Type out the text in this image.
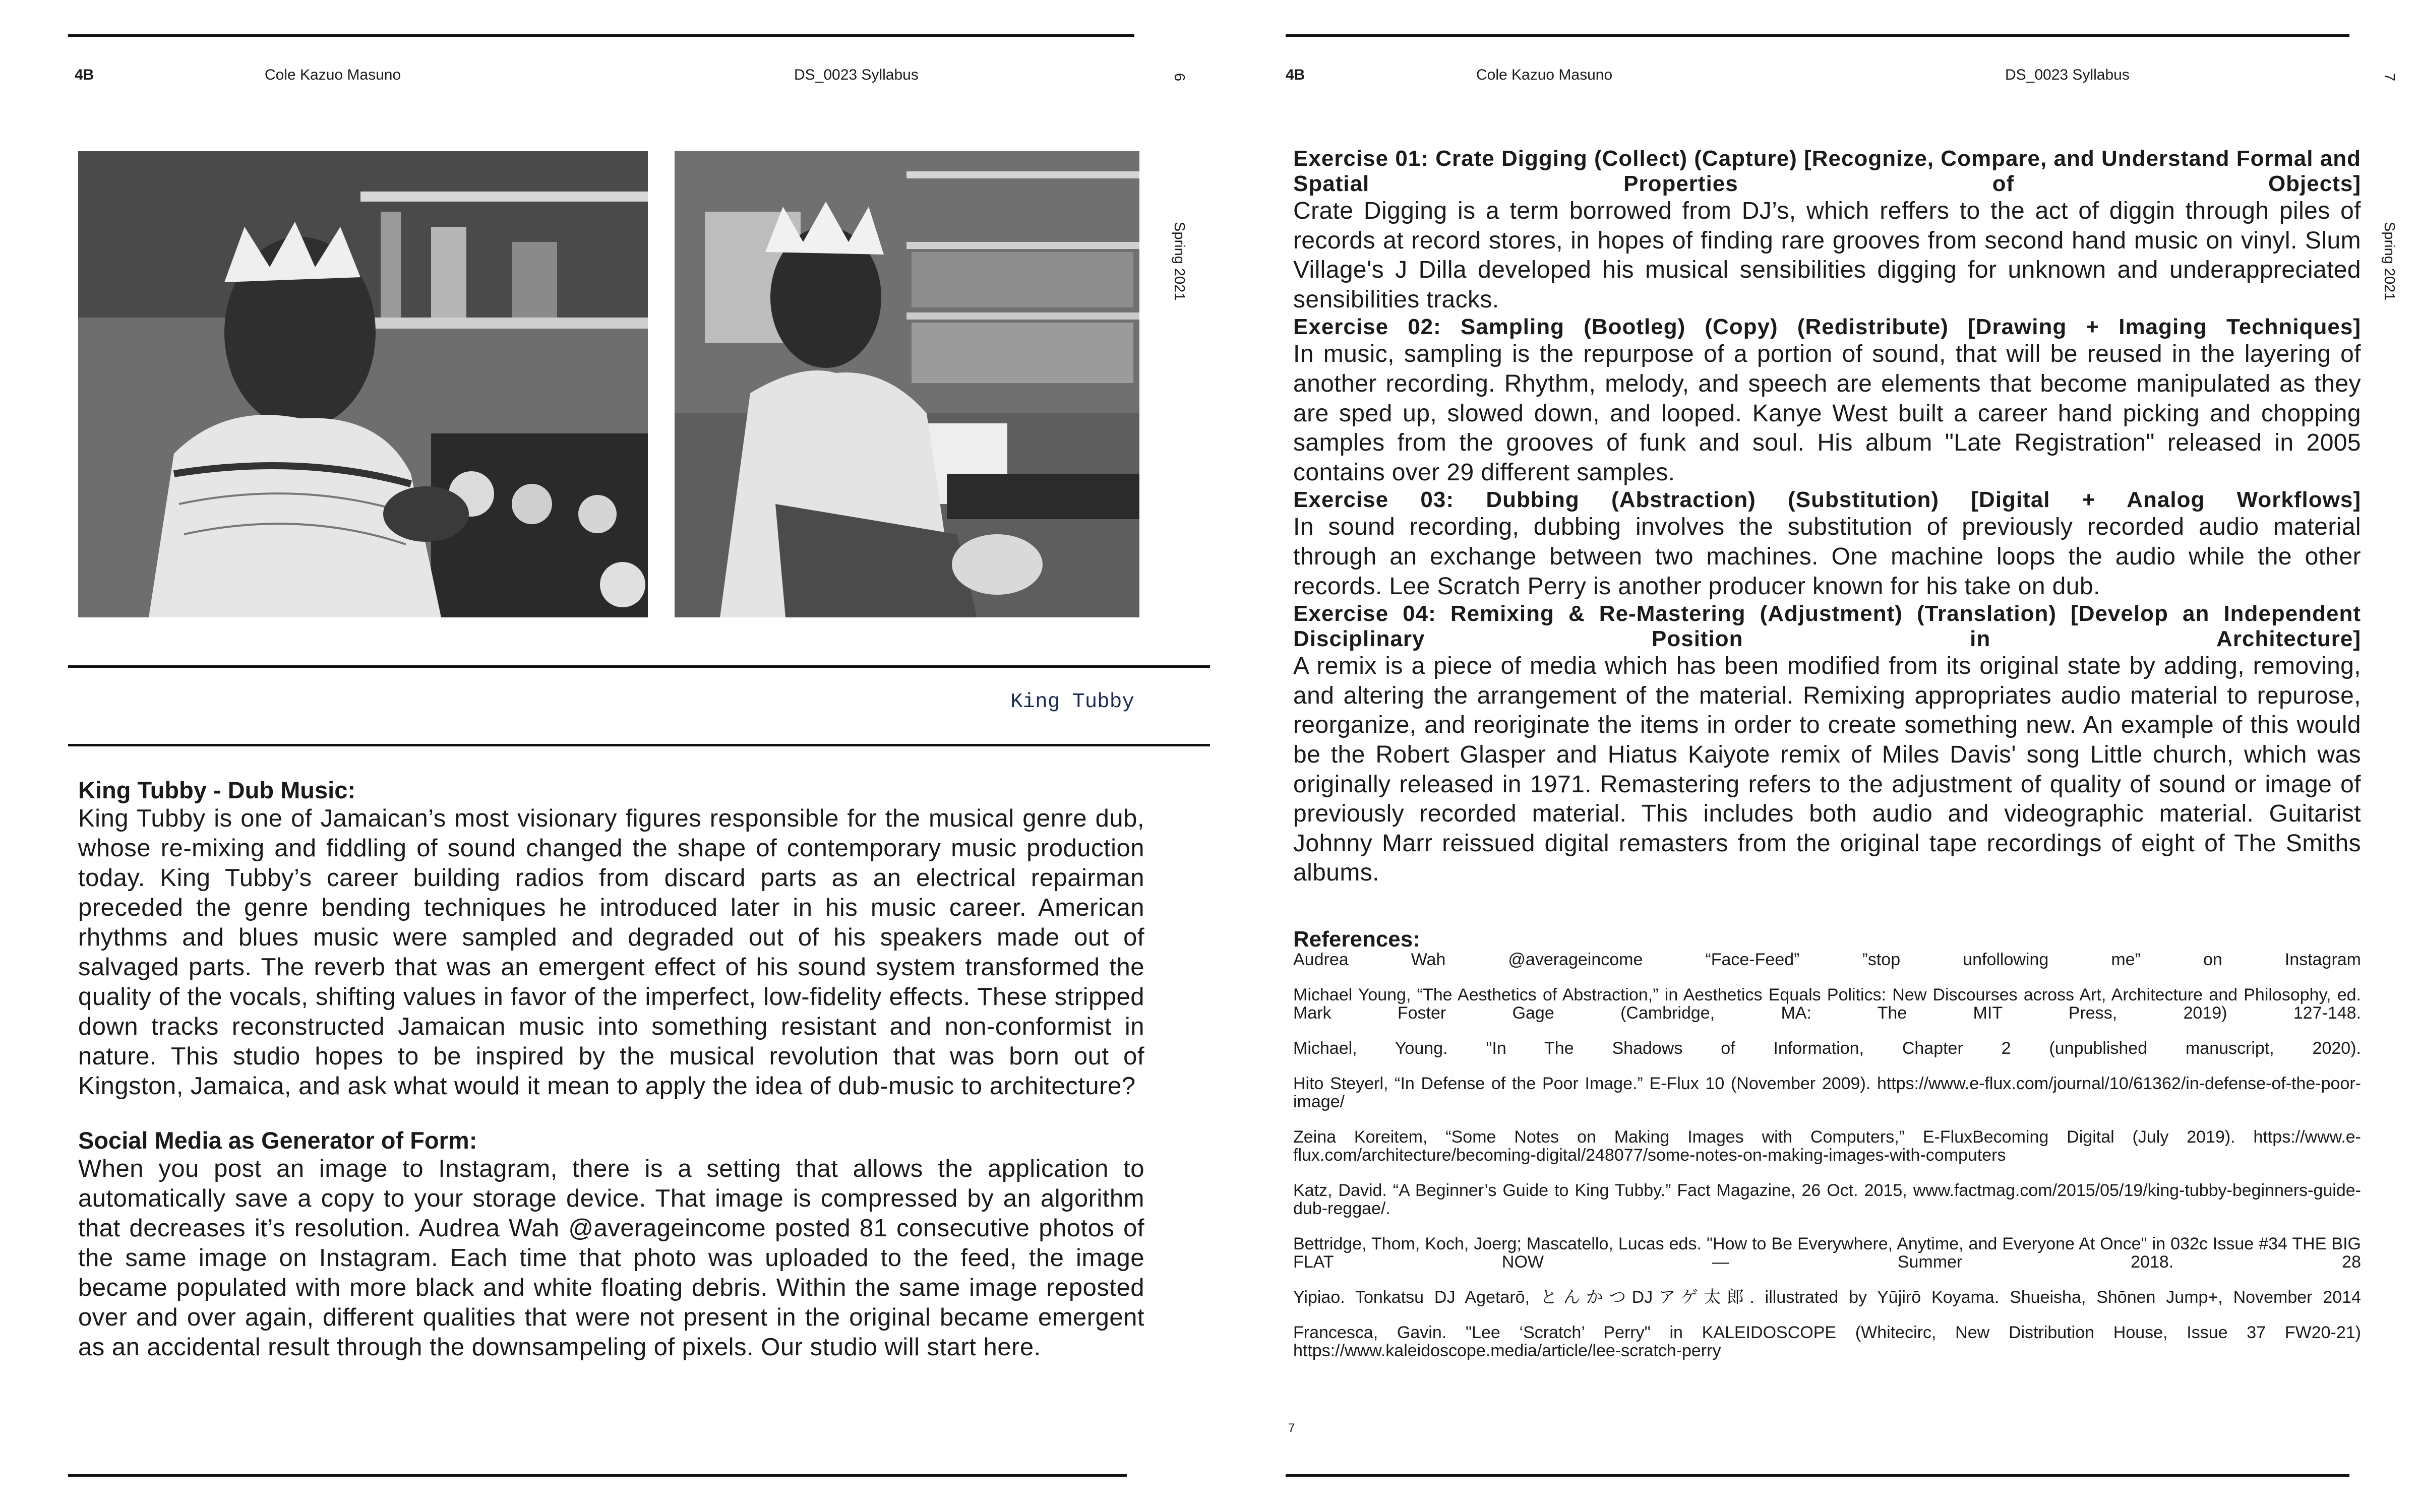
4B	Cole Kazuo Masuno	DS_0023 Syllabus	6
Spring 2021
King Tubby
King Tubby - Dub Music:

King Tubby is one of Jamaican’s most visionary figures responsible for the musical genre dub, whose re-mixing and fiddling of sound changed the shape of contemporary music production today. King Tubby’s career building radios from discard parts as an electrical repairman preceded the genre bending techniques he introduced later in his music career. American rhythms and blues music were sampled and degraded out of his speakers made out of salvaged parts. The reverb that was an emergent effect of his sound system transformed the quality of the vocals, shifting values in favor of the imperfect, low-fidelity effects. These stripped down tracks reconstructed Jamaican music into something resistant and non-conformist in nature. This studio hopes to be inspired by the musical revolution that was born out of Kingston, Jamaica, and ask what would it mean to apply the idea of dub-music to architecture?

Social Media as Generator of Form:

When you post an image to Instagram, there is a setting that allows the application to automatically save a copy to your storage device. That image is compressed by an algorithm that decreases it’s resolution. Audrea Wah @averageincome posted 81 consecutive photos of the same image on Instagram. Each time that photo was uploaded to the feed, the image became populated with more black and white floating debris. Within the same image reposted over and over again, different qualities that were not present in the original became emergent as an accidental result through the downsampeling of pixels. Our studio will start here.

4B	Cole Kazuo Masuno	DS_0023 Syllabus	7
Spring 2021
Exercise 01: Crate Digging (Collect) (Capture) [Recognize, Compare, and Understand Formal and Spatial Properties of Objects]

Crate Digging is a term borrowed from DJ’s, which reffers to the act of diggin through piles of records at record stores, in hopes of finding rare grooves from second hand music on vinyl. Slum Village's J Dilla developed his musical sensibilities digging for unknown and underappreciated sensibilities tracks.

Exercise 02: Sampling (Bootleg) (Copy) (Redistribute) [Drawing + Imaging Techniques]

In music, sampling is the repurpose of a portion of sound, that will be reused in the layering of another recording. Rhythm, melody, and speech are elements that become manipulated as they are sped up, slowed down, and looped. Kanye West built a career hand picking and chopping samples from the grooves of funk and soul. His album "Late Registration" released in 2005 contains over 29 different samples.

Exercise 03: Dubbing (Abstraction) (Substitution) [Digital + Analog Workflows]

In sound recording, dubbing involves the substitution of previously recorded audio material through an exchange between two machines. One machine loops the audio while the other records. Lee Scratch Perry is another producer known for his take on dub.

Exercise 04: Remixing & Re-Mastering (Adjustment) (Translation) [Develop an Independent Disciplinary Position in Architecture]

A remix is a piece of media which has been modified from its original state by adding, removing, and altering the arrangement of the material. Remixing appropriates audio material to repurose, reorganize, and reoriginate the items in order to create something new. An example of this would be the Robert Glasper and Hiatus Kaiyote remix of Miles Davis' song Little church, which was originally released in 1971. Remastering refers to the adjustment of quality of sound or image of previously recorded material. This includes both audio and videographic material. Guitarist Johnny Marr reissued digital remasters from the original tape recordings of eight of The Smiths albums.

References:

Audrea Wah @averageincome “Face-Feed” ”stop unfollowing me” on Instagram

Michael Young, “The Aesthetics of Abstraction,” in Aesthetics Equals Politics: New Discourses across Art, Architecture and Philosophy, ed. Mark Foster Gage (Cambridge, MA: The MIT Press, 2019) 127-148.

Michael, Young. "In The Shadows of Information, Chapter 2 (unpublished manuscript, 2020).

Hito Steyerl, “In Defense of the Poor Image.” E-Flux 10 (November 2009). https://www.e-flux.com/journal/10/61362/in-defense-of-the-poor-image/

Zeina Koreitem, “Some Notes on Making Images with Computers,” E-FluxBecoming Digital (July 2019). https://www.e-flux.com/architecture/becoming-digital/248077/some-notes-on-making-images-with-computers

Katz, David. “A Beginner’s Guide to King Tubby.” Fact Magazine, 26 Oct. 2015, www.factmag.com/2015/05/19/king-tubby-beginners-guide-dub-reggae/.

Bettridge, Thom, Koch, Joerg; Mascatello, Lucas eds. "How to Be Everywhere, Anytime, and Everyone At Once" in 032c Issue #34 THE BIG FLAT NOW — Summer 2018. 28

Yipiao. Tonkatsu DJ Agetarō, とんかつDJアゲ太郎. illustrated by Yūjirō Koyama. Shueisha, Shōnen Jump+, November 2014

Francesca, Gavin. "Lee ‘Scratch’ Perry" in KALEIDOSCOPE (Whitecirc, New Distribution House, Issue 37 FW20-21) https://www.kaleidoscope.media/article/lee-scratch-perry

7
